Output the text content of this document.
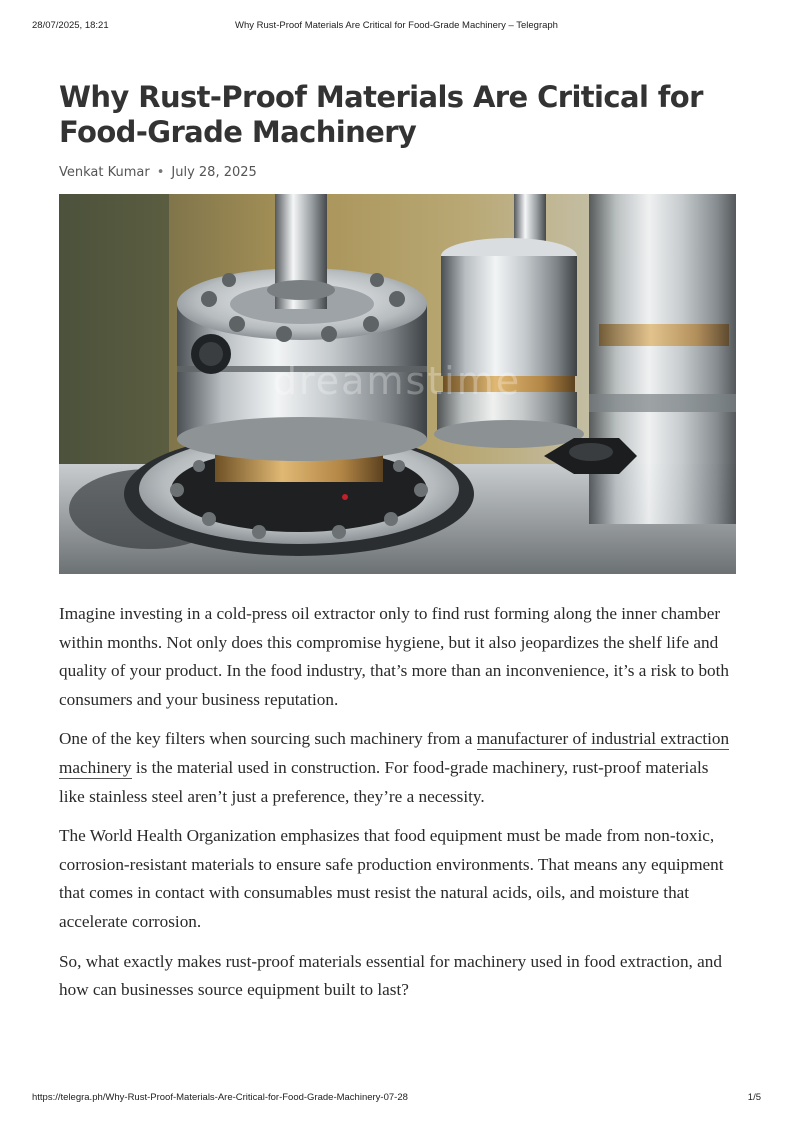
28/07/2025, 18:21	Why Rust-Proof Materials Are Critical for Food-Grade Machinery – Telegraph
Why Rust-Proof Materials Are Critical for Food-Grade Machinery
Venkat Kumar • July 28, 2025
dreamstime

Imagine investing in a cold-press oil extractor only to find rust forming along the inner chamber within months. Not only does this compromise hygiene, but it also jeopardizes the shelf life and quality of your product. In the food industry, that’s more than an inconvenience, it’s a risk to both consumers and your business reputation.

One of the key filters when sourcing such machinery from a manufacturer of industrial extraction machinery is the material used in construction. For food-grade machinery, rust-proof materials like stainless steel aren’t just a preference, they’re a necessity.

The World Health Organization emphasizes that food equipment must be made from non-toxic, corrosion-resistant materials to ensure safe production environments. That means any equipment that comes in contact with consumables must resist the natural acids, oils, and moisture that accelerate corrosion.

So, what exactly makes rust-proof materials essential for machinery used in food extraction, and how can businesses source equipment built to last?

https://telegra.ph/Why-Rust-Proof-Materials-Are-Critical-for-Food-Grade-Machinery-07-28	1/5
